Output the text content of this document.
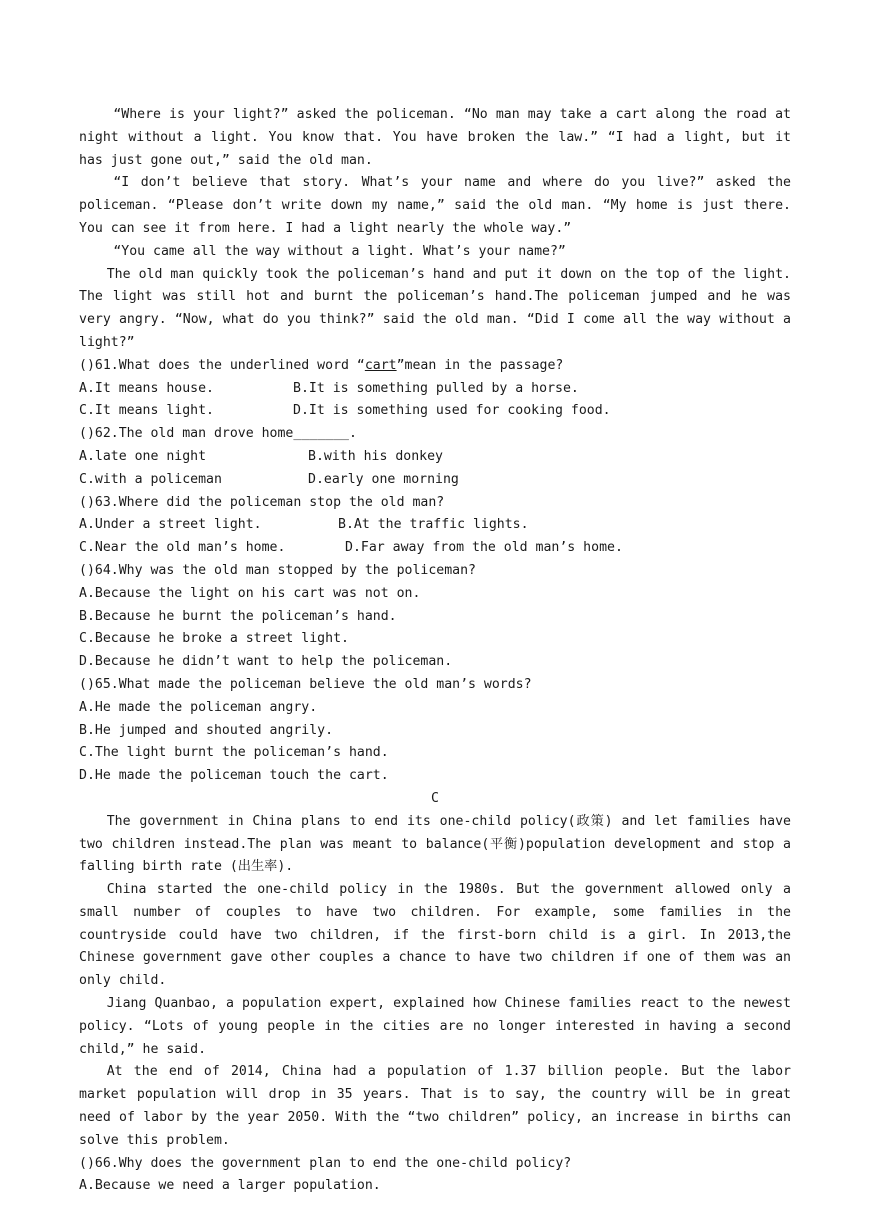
“Where is your light?” asked the policeman. “No man may take a cart along the road at night without a light. You know that. You have broken the law.” “I had a light, but it has just gone out,” said the old man.
“I don’t believe that story. What’s your name and where do you live?” asked the policeman. “Please don’t write down my name,” said the old man. “My home is just there. You can see it from here. I had a light nearly the whole way.”
“You came all the way without a light. What’s your name?”
The old man quickly took the policeman’s hand and put it down on the top of the light. The light was still hot and burnt the policeman’s hand.The policeman jumped and he was very angry. “Now, what do you think?” said the old man. “Did I come all the way without a light?”
()61.What does the underlined word “cart”mean in the passage?
A.It means house.	B.It is something pulled by a horse.
C.It means light.	D.It is something used for cooking food.
()62.The old man drove home_______.
A.late one night	B.with his donkey
C.with a policeman	D.early one morning
()63.Where did the policeman stop the old man?
A.Under a street light.	B.At the traffic lights.
C.Near the old man’s home.	D.Far away from the old man’s home.
()64.Why was the old man stopped by the policeman?
A.Because the light on his cart was not on.
B.Because he burnt the policeman’s hand.
C.Because he broke a street light.
D.Because he didn’t want to help the policeman.
()65.What made the policeman believe the old man’s words?
A.He made the policeman angry.
B.He jumped and shouted angrily.
C.The light burnt the policeman’s hand.
D.He made the policeman touch the cart.
C
The government in China plans to end its one-child policy(政策) and let families have two children instead.The plan was meant to balance(平衡)population development and stop a falling birth rate (出生率).
China started the one-child policy in the 1980s. But the government allowed only a small number of couples to have two children. For example, some families in the countryside could have two children, if the first-born child is a girl. In 2013,the Chinese government gave other couples a chance to have two children if one of them was an only child.
Jiang Quanbao, a population expert, explained how Chinese families react to the newest policy. “Lots of young people in the cities are no longer interested in having a second child,” he said.
At the end of 2014, China had a population of 1.37 billion people. But the labor market population will drop in 35 years. That is to say, the country will be in great need of labor by the year 2050. With the “two children” policy, an increase in births can solve this problem.
()66.Why does the government plan to end the one-child policy?
A.Because we need a larger population.
